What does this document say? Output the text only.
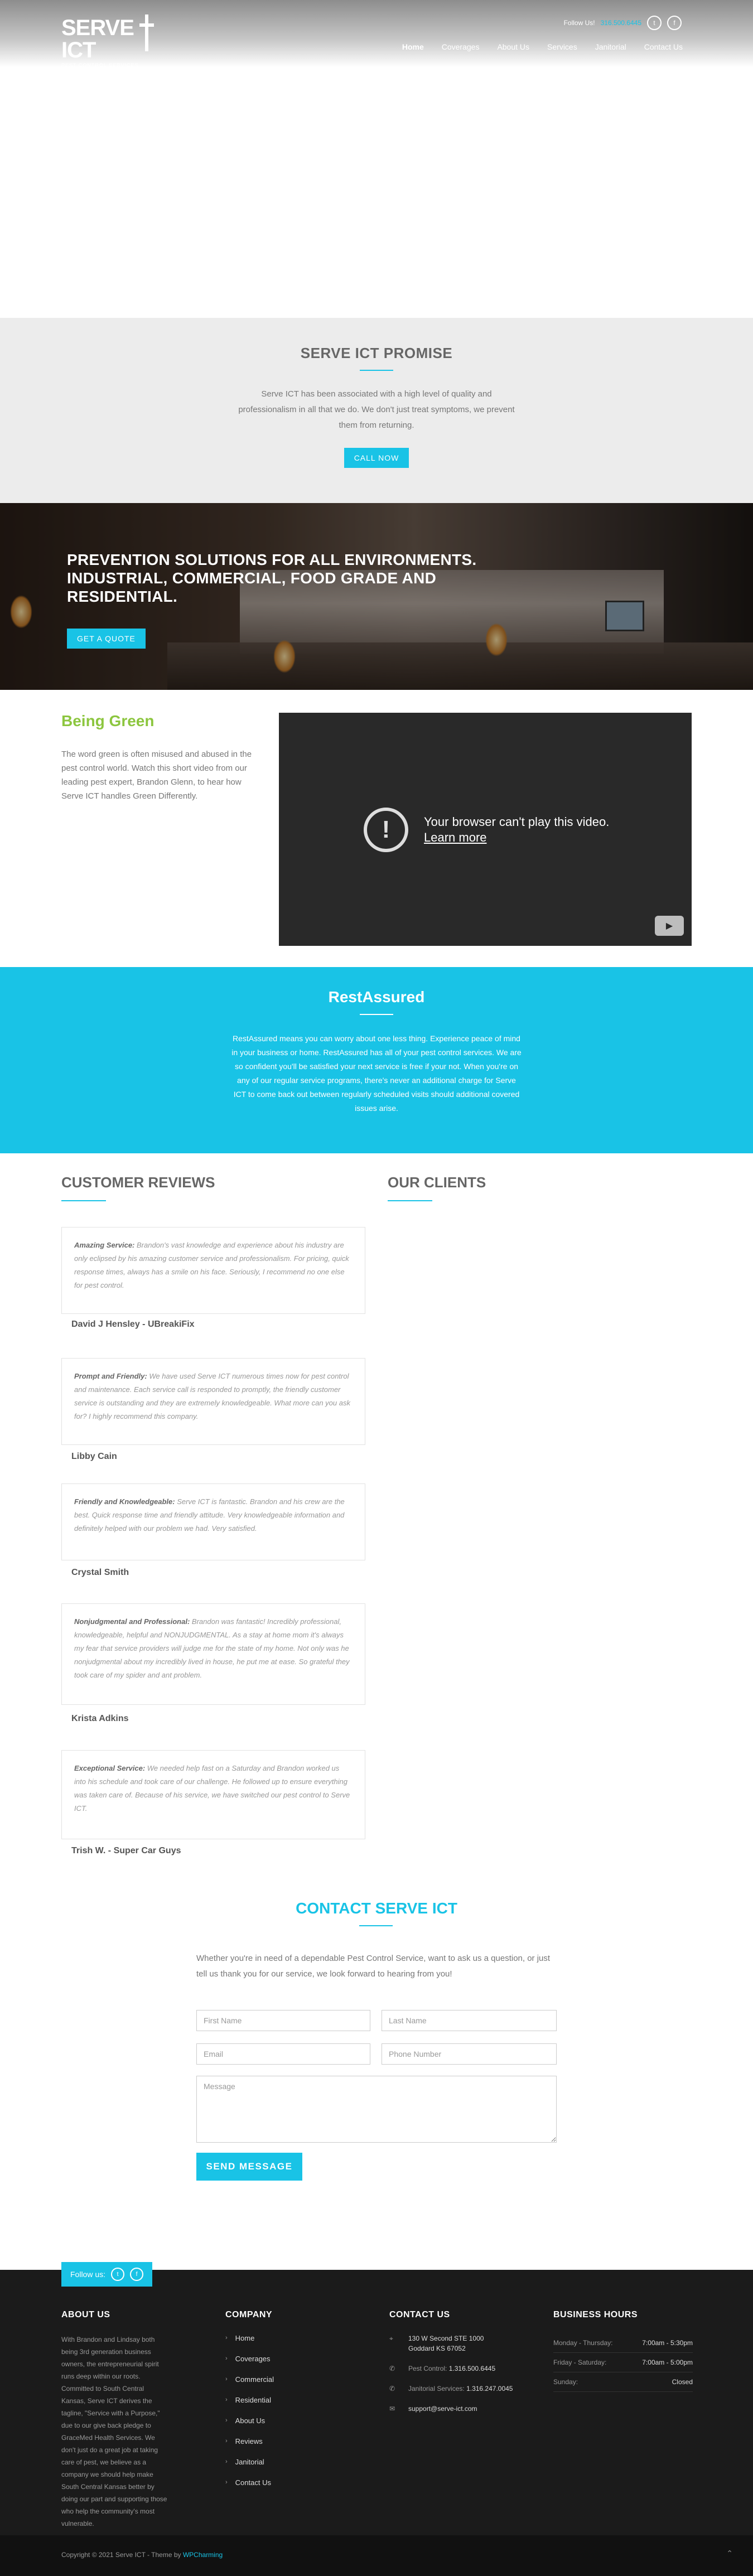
SERVE ICT
PEST CONTROL SERVICES
Follow Us! 316.500.6445	t	f
Home	Coverages	About Us	Services	Janitorial	Contact Us
SERVE ICT PROMISE

Serve ICT has been associated with a high level of quality and professionalism in all that we do. We don't just treat symptoms, we prevent them from returning.

CALL NOW
PREVENTION SOLUTIONS FOR ALL ENVIRONMENTS. INDUSTRIAL, COMMERCIAL, FOOD GRADE AND RESIDENTIAL.
GET A QUOTE
Being Green

The word green is often misused and abused in the pest control world. Watch this short video from our leading pest expert, Brandon Glenn, to hear how Serve ICT handles Green Differently.

!	Your browser can't play this video.
Learn more
▶
RestAssured

RestAssured means you can worry about one less thing. Experience peace of mind in your business or home. RestAssured has all of your pest control services. We are so confident you'll be satisfied your next service is free if your not. When you're on any of our regular service programs, there's never an additional charge for Serve ICT to come back out between regularly scheduled visits should additional covered issues arise.

CUSTOMER REVIEWS	OUR CLIENTS
Amazing Service: Brandon's vast knowledge and experience about his industry are only eclipsed by his amazing customer service and professionalism. For pricing, quick response times, always has a smile on his face. Seriously, I recommend no one else for pest control.
David J Hensley - UBreakiFix
Prompt and Friendly: We have used Serve ICT numerous times now for pest control and maintenance. Each service call is responded to promptly, the friendly customer service is outstanding and they are extremely knowledgeable. What more can you ask for? I highly recommend this company.
Libby Cain
Friendly and Knowledgeable: Serve ICT is fantastic. Brandon and his crew are the best. Quick response time and friendly attitude. Very knowledgeable information and definitely helped with our problem we had. Very satisfied.
Crystal Smith
Nonjudgmental and Professional: Brandon was fantastic! Incredibly professional, knowledgeable, helpful and NONJUDGMENTAL. As a stay at home mom it's always my fear that service providers will judge me for the state of my home. Not only was he nonjudgmental about my incredibly lived in house, he put me at ease. So grateful they took care of my spider and ant problem.
Krista Adkins
Exceptional Service: We needed help fast on a Saturday and Brandon worked us into his schedule and took care of our challenge. He followed up to ensure everything was taken care of. Because of his service, we have switched our pest control to Serve ICT.
Trish W. - Super Car Guys
CONTACT SERVE ICT

Whether you're in need of a dependable Pest Control Service, want to ask us a question, or just tell us thank you for our service, we look forward to hearing from you!

First Name
Last Name
Email
Phone Number
Message
SEND MESSAGE
Follow us:	t	f
ABOUT US	COMPANY	CONTACT US	BUSINESS HOURS
With Brandon and Lindsay both being 3rd generation business owners, the entrepreneurial spirit runs deep within our roots. Committed to South Central Kansas, Serve ICT derives the tagline, "Service with a Purpose," due to our give back pledge to GraceMed Health Services. We don't just do a great job at taking care of pest, we believe as a company we should help make South Central Kansas better by doing our part and supporting those who help the community's most vulnerable.
› Home
› Coverages
› Commercial
› Residential
› About Us
› Reviews
› Janitorial
› Contact Us
⌖	130 W Second STE 1000
Goddard KS 67052
✆	Pest Control: 1.316.500.6445
✆	Janitorial Services: 1.316.247.0045
✉	support@serve-ict.com
Monday - Thursday:	7:00am - 5:30pm
Friday - Saturday:	7:00am - 5:00pm
Sunday:	Closed
Copyright © 2021 Serve ICT - Theme by WPCharming	⌃
